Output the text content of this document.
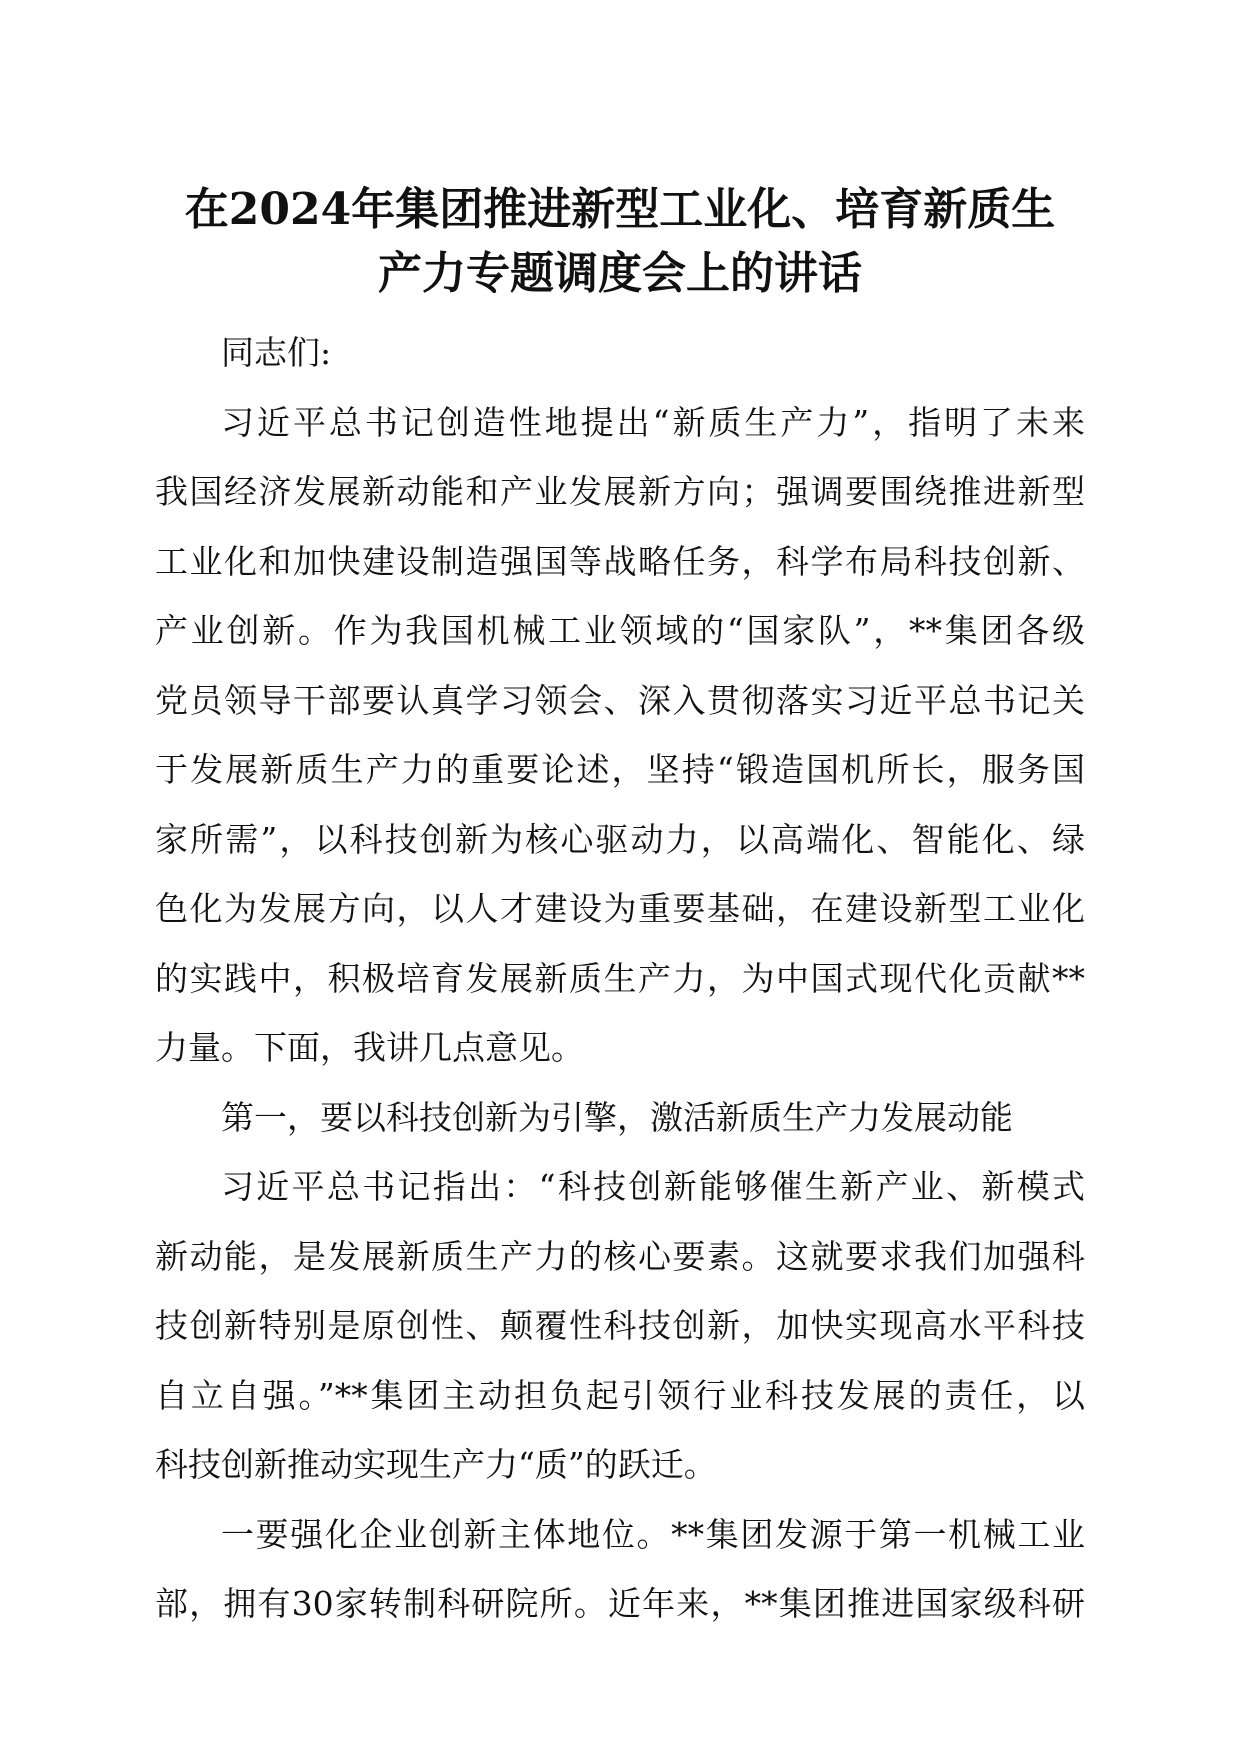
在2024年集团推进新型工业化、培育新质生
产力专题调度会上的讲话
同志们:
习近平总书记创造性地提出“新质生产力”，指明了未来
我国经济发展新动能和产业发展新方向；强调要围绕推进新型
工业化和加快建设制造强国等战略任务，科学布局科技创新、
产业创新。作为我国机械工业领域的“国家队”，**集团各级
党员领导干部要认真学习领会、深入贯彻落实习近平总书记关
于发展新质生产力的重要论述，坚持“锻造国机所长，服务国
家所需”，以科技创新为核心驱动力，以高端化、智能化、绿
色化为发展方向，以人才建设为重要基础，在建设新型工业化
的实践中，积极培育发展新质生产力，为中国式现代化贡献**
力量。下面，我讲几点意见。
第一，要以科技创新为引擎，激活新质生产力发展动能
习近平总书记指出：“科技创新能够催生新产业、新模式
新动能，是发展新质生产力的核心要素。这就要求我们加强科
技创新特别是原创性、颠覆性科技创新，加快实现高水平科技
自立自强。”**集团主动担负起引领行业科技发展的责任，以
科技创新推动实现生产力“质”的跃迁。
一要强化企业创新主体地位。**集团发源于第一机械工业
部，拥有30家转制科研院所。近年来，**集团推进国家级科研
